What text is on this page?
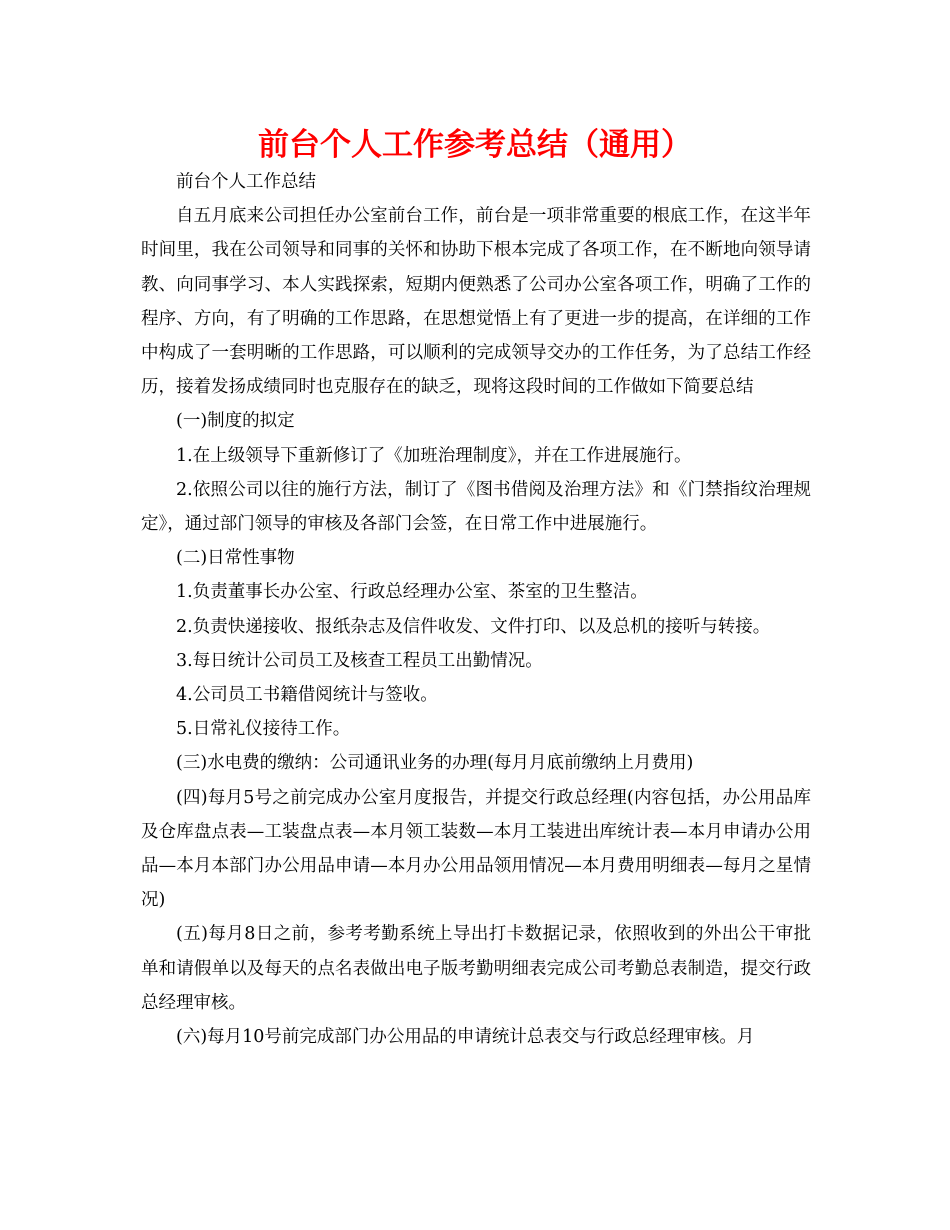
前台个人工作参考总结（通用）

前台个人工作总结

自五月底来公司担任办公室前台工作，前台是一项非常重要的根底工作，在这半年时间里，我在公司领导和同事的关怀和协助下根本完成了各项工作，在不断地向领导请教、向同事学习、本人实践探索，短期内便熟悉了公司办公室各项工作，明确了工作的程序、方向，有了明确的工作思路，在思想觉悟上有了更进一步的提高，在详细的工作中构成了一套明晰的工作思路，可以顺利的完成领导交办的工作任务，为了总结工作经历，接着发扬成绩同时也克服存在的缺乏，现将这段时间的工作做如下简要总结

(一)制度的拟定

1.在上级领导下重新修订了《加班治理制度》，并在工作进展施行。

2.依照公司以往的施行方法，制订了《图书借阅及治理方法》和《门禁指纹治理规定》，通过部门领导的审核及各部门会签，在日常工作中进展施行。

(二)日常性事物

1.负责董事长办公室、行政总经理办公室、茶室的卫生整洁。

2.负责快递接收、报纸杂志及信件收发、文件打印、以及总机的接听与转接。

3.每日统计公司员工及核查工程员工出勤情况。

4.公司员工书籍借阅统计与签收。

5.日常礼仪接待工作。

(三)水电费的缴纳：公司通讯业务的办理(每月月底前缴纳上月费用)

(四)每月5号之前完成办公室月度报告，并提交行政总经理(内容包括，办公用品库及仓库盘点表—工装盘点表—本月领工装数—本月工装进出库统计表—本月申请办公用品—本月本部门办公用品申请—本月办公用品领用情况—本月费用明细表—每月之星情况)

(五)每月8日之前，参考考勤系统上导出打卡数据记录，依照收到的外出公干审批单和请假单以及每天的点名表做出电子版考勤明细表完成公司考勤总表制造，提交行政总经理审核。

(六)每月10号前完成部门办公用品的申请统计总表交与行政总经理审核。月
